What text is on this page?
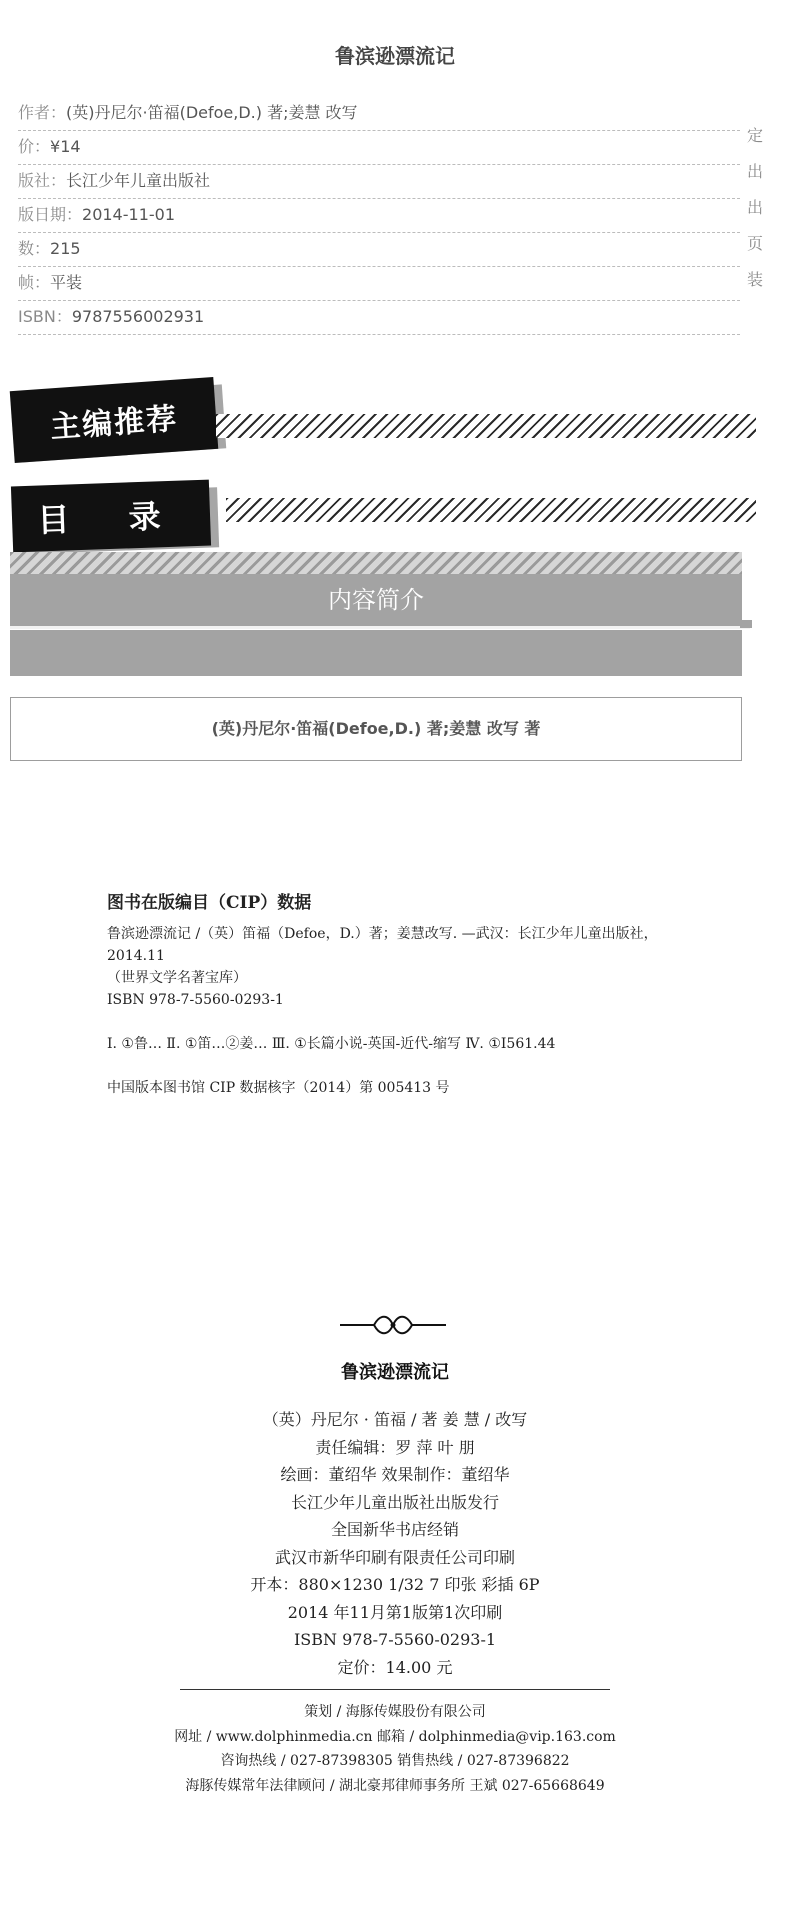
鲁滨逊漂流记
作者：(英)丹尼尔·笛福(Defoe,D.) 著;姜慧 改写
价：¥14
版社：长江少年儿童出版社
版日期：2014-11-01
数：215
帧：平装
ISBN：9787556002931
定
出
出
页
装
主编推荐
目 录
内容简介
(英)丹尼尔·笛福(Defoe,D.) 著;姜慧 改写 著
图书在版编目（CIP）数据
鲁滨逊漂流记 /（英）笛福（Defoe，D.）著；姜慧改写. —武汉：长江少年儿童出版社，
2014.11
（世界文学名著宝库）
ISBN 978-7-5560-0293-1
Ⅰ. ①鲁… Ⅱ. ①笛…②姜… Ⅲ. ①长篇小说-英国-近代-缩写 Ⅳ. ①I561.44
中国版本图书馆 CIP 数据核字（2014）第 005413 号
鲁滨逊漂流记
（英）丹尼尔 · 笛福 / 著 姜 慧 / 改写
责任编辑：罗 萍 叶 朋
绘画：董绍华 效果制作：董绍华
长江少年儿童出版社出版发行
全国新华书店经销
武汉市新华印刷有限责任公司印刷
开本：880×1230 1/32 7 印张 彩插 6P
2014 年11月第1版第1次印刷
ISBN 978-7-5560-0293-1
定价：14.00 元
策划 / 海豚传媒股份有限公司
网址 / www.dolphinmedia.cn 邮箱 / dolphinmedia@vip.163.com
咨询热线 / 027-87398305 销售热线 / 027-87396822
海豚传媒常年法律顾问 / 湖北豪邦律师事务所 王斌 027-65668649
